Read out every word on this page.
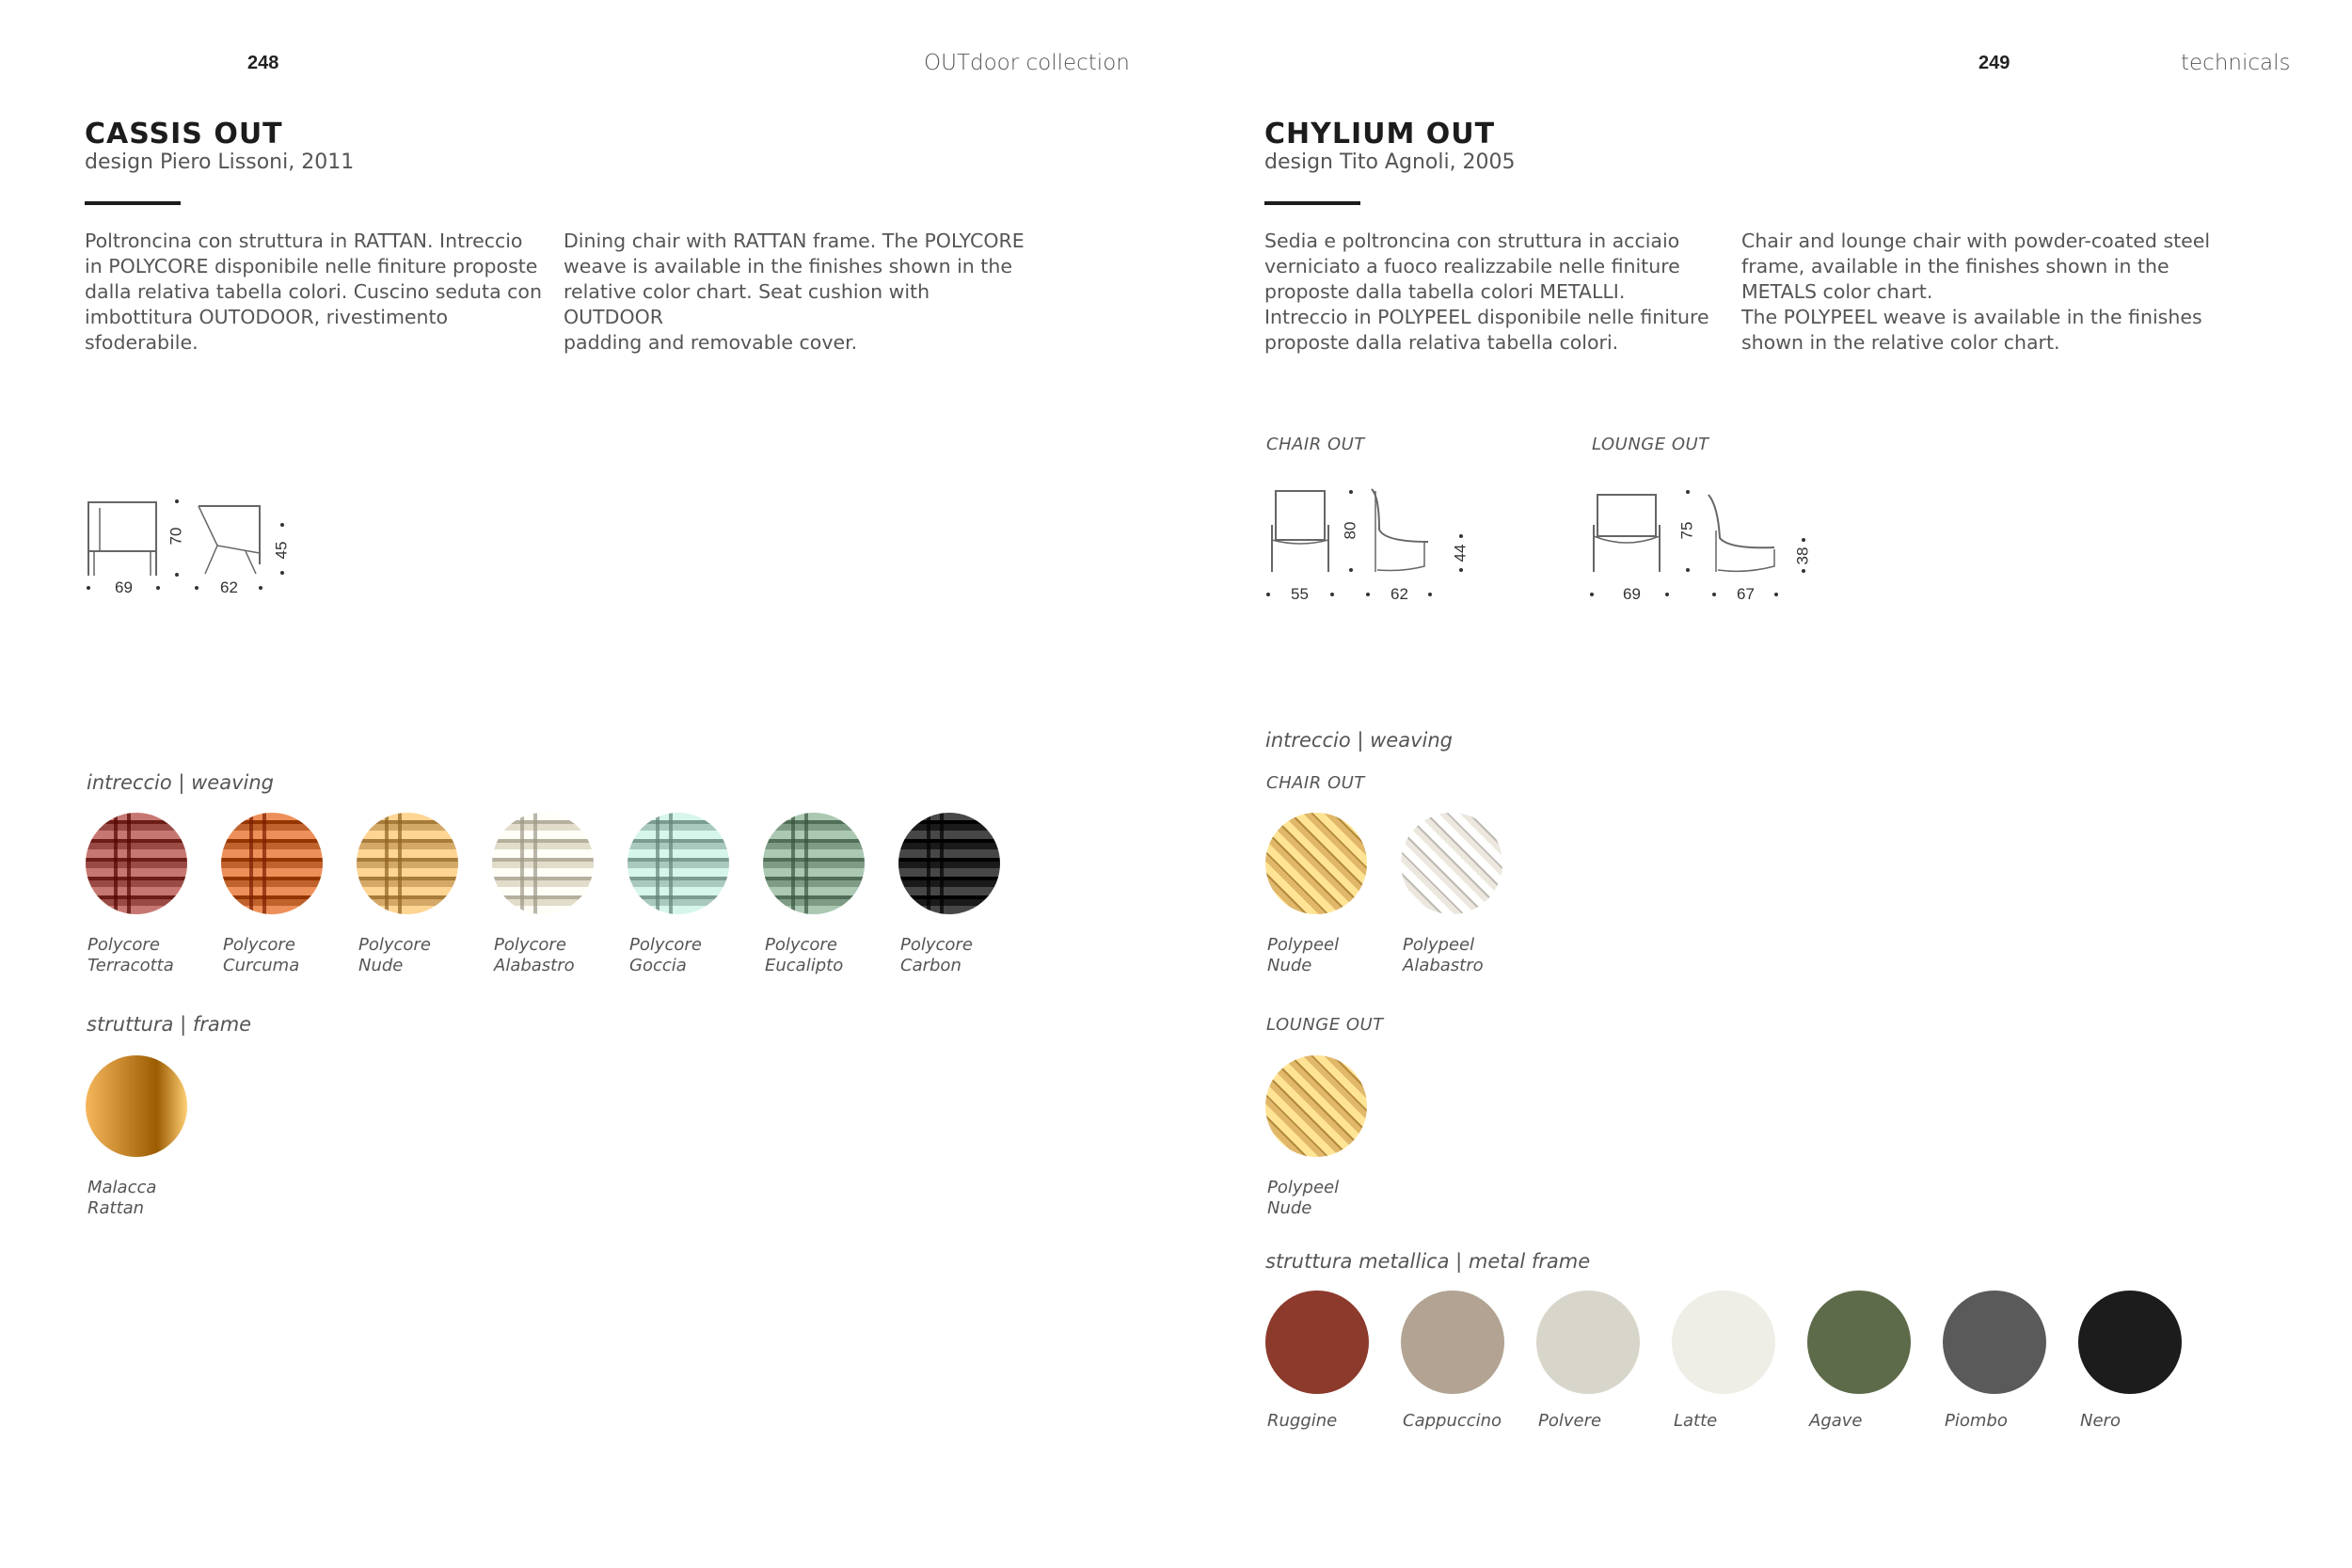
248	OUTdoor collection
CASSIS OUT
design Piero Lissoni, 2011
Poltroncina con struttura in RATTAN. Intreccio
in POLYCORE disponibile nelle finiture proposte
dalla relativa tabella colori. Cuscino seduta con
imbottitura OUTODOOR, rivestimento sfoderabile.
Dining chair with RATTAN frame. The POLYCORE
weave is available in the finishes shown in the
relative color chart. Seat cushion with OUTDOOR
padding and removable cover.
70
45
69	62
intreccio | weaving
Polycore
Terracotta
Polycore
Curcuma
Polycore
Nude
Polycore
Alabastro
Polycore
Goccia
Polycore
Eucalipto
Polycore
Carbon
struttura | frame
Malacca
Rattan
249	technicals
CHYLIUM OUT
design Tito Agnoli, 2005
Sedia e poltroncina con struttura in acciaio
verniciato a fuoco realizzabile nelle finiture
proposte dalla tabella colori METALLI.
Intreccio in POLYPEEL disponibile nelle finiture
proposte dalla relativa tabella colori.
Chair and lounge chair with powder-coated steel
frame, available in the finishes shown in the
METALS color chart.
The POLYPEEL weave is available in the finishes
shown in the relative color chart.
CHAIR OUT	LOUNGE OUT
80
44
55	62
75
38
69	67
intreccio | weaving
CHAIR OUT
Polypeel
Nude
Polypeel
Alabastro
LOUNGE OUT
Polypeel
Nude
struttura metallica | metal frame
Ruggine	Cappuccino	Polvere	Latte	Agave	Piombo	Nero
